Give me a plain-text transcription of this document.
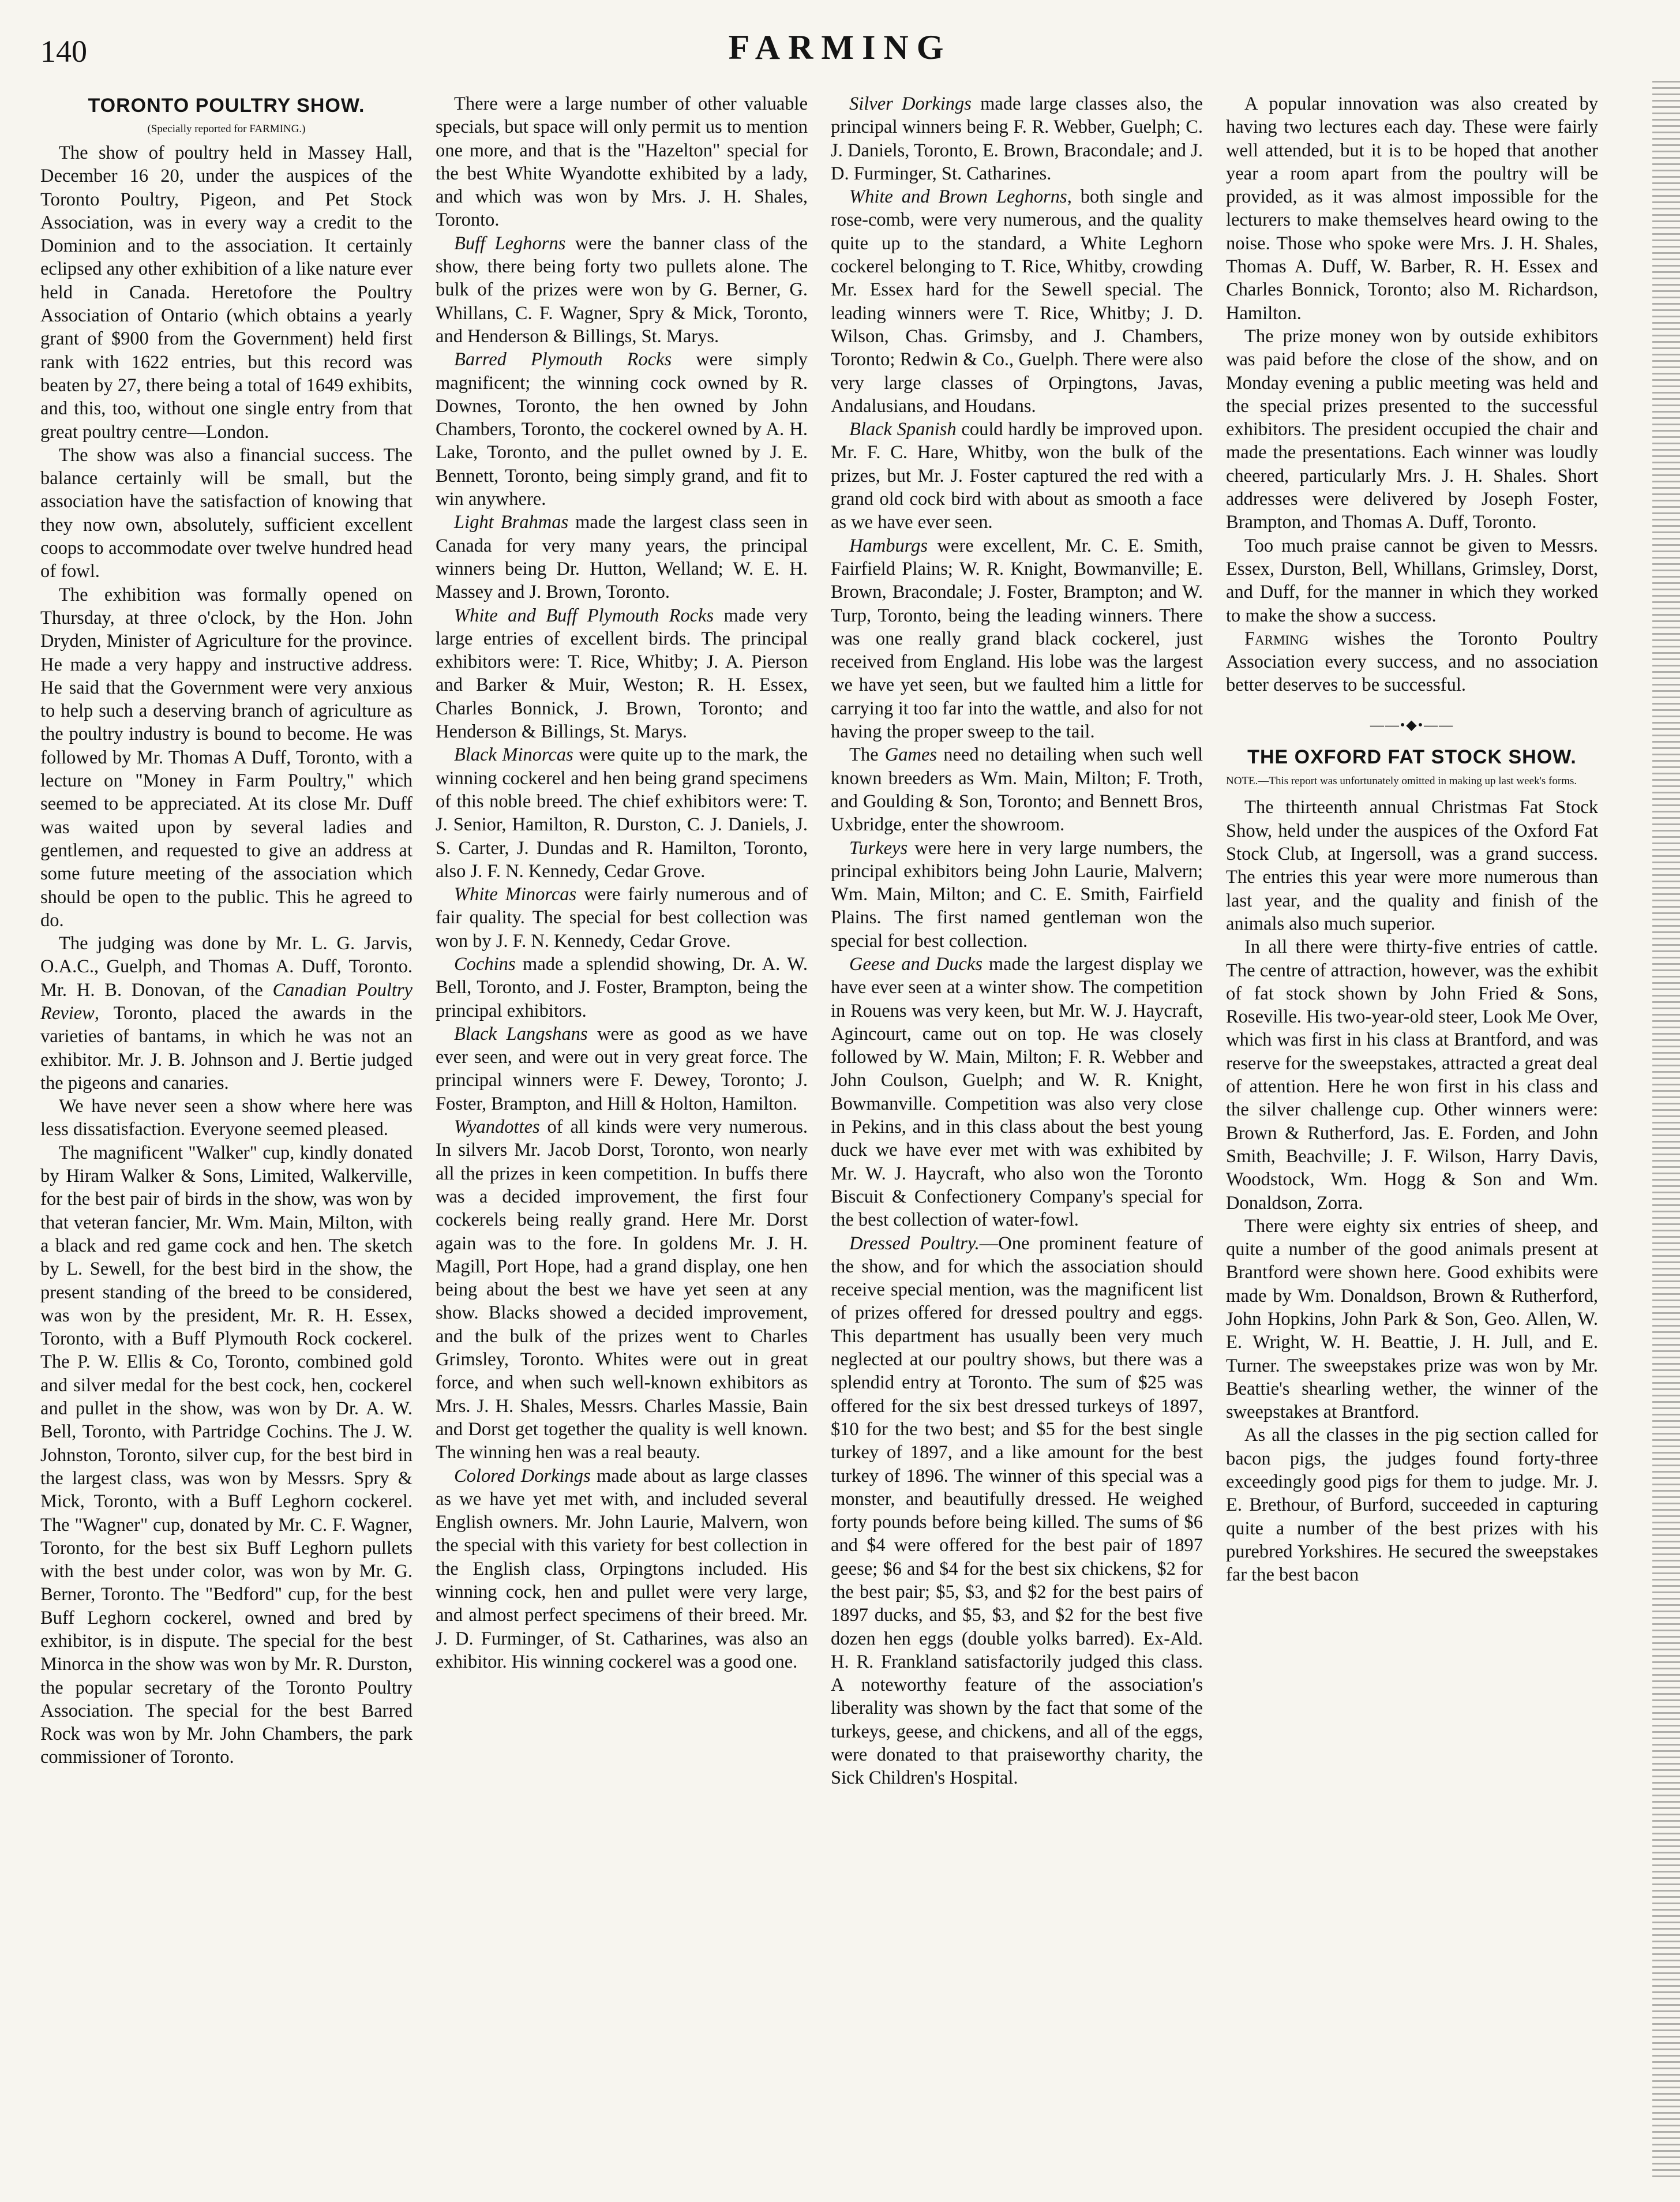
140	FARMING
TORONTO POULTRY SHOW.
(Specially reported for FARMING.)

The show of poultry held in Massey Hall, December 16 20, under the auspices of the Toronto Poultry, Pigeon, and Pet Stock Association, was in every way a credit to the Dominion and to the association. It certainly eclipsed any other exhibition of a like nature ever held in Canada. Heretofore the Poultry Association of Ontario (which obtains a yearly grant of $900 from the Government) held first rank with 1622 entries, but this record was beaten by 27, there being a total of 1649 exhibits, and this, too, without one single entry from that great poultry centre—London.

The show was also a financial success. The balance certainly will be small, but the association have the satisfaction of knowing that they now own, absolutely, sufficient excellent coops to accommodate over twelve hundred head of fowl.

The exhibition was formally opened on Thursday, at three o'clock, by the Hon. John Dryden, Minister of Agriculture for the province. He made a very happy and instructive address. He said that the Government were very anxious to help such a deserving branch of agriculture as the poultry industry is bound to become. He was followed by Mr. Thomas A Duff, Toronto, with a lecture on "Money in Farm Poultry," which seemed to be appreciated. At its close Mr. Duff was waited upon by several ladies and gentlemen, and requested to give an address at some future meeting of the association which should be open to the public. This he agreed to do.

The judging was done by Mr. L. G. Jarvis, O.A.C., Guelph, and Thomas A. Duff, Toronto. Mr. H. B. Donovan, of the Canadian Poultry Review, Toronto, placed the awards in the varieties of bantams, in which he was not an exhibitor. Mr. J. B. Johnson and J. Bertie judged the pigeons and canaries.

We have never seen a show where here was less dissatisfaction. Everyone seemed pleased.

The magnificent "Walker" cup, kindly donated by Hiram Walker & Sons, Limited, Walkerville, for the best pair of birds in the show, was won by that veteran fancier, Mr. Wm. Main, Milton, with a black and red game cock and hen. The sketch by L. Sewell, for the best bird in the show, the present standing of the breed to be considered, was won by the president, Mr. R. H. Essex, Toronto, with a Buff Plymouth Rock cockerel. The P. W. Ellis & Co, Toronto, combined gold and silver medal for the best cock, hen, cockerel and pullet in the show, was won by Dr. A. W. Bell, Toronto, with Partridge Cochins. The J. W. Johnston, Toronto, silver cup, for the best bird in the largest class, was won by Messrs. Spry & Mick, Toronto, with a Buff Leghorn cockerel. The "Wagner" cup, donated by Mr. C. F. Wagner, Toronto, for the best six Buff Leghorn pullets with the best under color, was won by Mr. G. Berner, Toronto. The "Bedford" cup, for the best Buff Leghorn cockerel, owned and bred by exhibitor, is in dispute. The special for the best Minorca in the show was won by Mr. R. Durston, the popular secretary of the Toronto Poultry Association. The special for the best Barred Rock was won by Mr. John Chambers, the park commissioner of Toronto.

There were a large number of other valuable specials, but space will only permit us to mention one more, and that is the "Hazelton" special for the best White Wyandotte exhibited by a lady, and which was won by Mrs. J. H. Shales, Toronto.

Buff Leghorns were the banner class of the show, there being forty two pullets alone. The bulk of the prizes were won by G. Berner, G. Whillans, C. F. Wagner, Spry & Mick, Toronto, and Henderson & Billings, St. Marys.

Barred Plymouth Rocks were simply magnificent; the winning cock owned by R. Downes, Toronto, the hen owned by John Chambers, Toronto, the cockerel owned by A. H. Lake, Toronto, and the pullet owned by J. E. Bennett, Toronto, being simply grand, and fit to win anywhere.

Light Brahmas made the largest class seen in Canada for very many years, the principal winners being Dr. Hutton, Welland; W. E. H. Massey and J. Brown, Toronto.

White and Buff Plymouth Rocks made very large entries of excellent birds. The principal exhibitors were: T. Rice, Whitby; J. A. Pierson and Barker & Muir, Weston; R. H. Essex, Charles Bonnick, J. Brown, Toronto; and Henderson & Billings, St. Marys.

Black Minorcas were quite up to the mark, the winning cockerel and hen being grand specimens of this noble breed. The chief exhibitors were: T. J. Senior, Hamilton, R. Durston, C. J. Daniels, J. S. Carter, J. Dundas and R. Hamilton, Toronto, also J. F. N. Kennedy, Cedar Grove.

White Minorcas were fairly numerous and of fair quality. The special for best collection was won by J. F. N. Kennedy, Cedar Grove.

Cochins made a splendid showing, Dr. A. W. Bell, Toronto, and J. Foster, Brampton, being the principal exhibitors.

Black Langshans were as good as we have ever seen, and were out in very great force. The principal winners were F. Dewey, Toronto; J. Foster, Brampton, and Hill & Holton, Hamilton.

Wyandottes of all kinds were very numerous. In silvers Mr. Jacob Dorst, Toronto, won nearly all the prizes in keen competition. In buffs there was a decided improvement, the first four cockerels being really grand. Here Mr. Dorst again was to the fore. In goldens Mr. J. H. Magill, Port Hope, had a grand display, one hen being about the best we have yet seen at any show. Blacks showed a decided improvement, and the bulk of the prizes went to Charles Grimsley, Toronto. Whites were out in great force, and when such well-known exhibitors as Mrs. J. H. Shales, Messrs. Charles Massie, Bain and Dorst get together the quality is well known. The winning hen was a real beauty.

Colored Dorkings made about as large classes as we have yet met with, and included several English owners. Mr. John Laurie, Malvern, won the special with this variety for best collection in the English class, Orpingtons included. His winning cock, hen and pullet were very large, and almost perfect specimens of their breed. Mr. J. D. Furminger, of St. Catharines, was also an exhibitor. His winning cockerel was a good one.

Silver Dorkings made large classes also, the principal winners being F. R. Webber, Guelph; C. J. Daniels, Toronto, E. Brown, Bracondale; and J. D. Furminger, St. Catharines.

White and Brown Leghorns, both single and rose-comb, were very numerous, and the quality quite up to the standard, a White Leghorn cockerel belonging to T. Rice, Whitby, crowding Mr. Essex hard for the Sewell special. The leading winners were T. Rice, Whitby; J. D. Wilson, Chas. Grimsby, and J. Chambers, Toronto; Redwin & Co., Guelph. There were also very large classes of Orpingtons, Javas, Andalusians, and Houdans.

Black Spanish could hardly be improved upon. Mr. F. C. Hare, Whitby, won the bulk of the prizes, but Mr. J. Foster captured the red with a grand old cock bird with about as smooth a face as we have ever seen.

Hamburgs were excellent, Mr. C. E. Smith, Fairfield Plains; W. R. Knight, Bowmanville; E. Brown, Bracondale; J. Foster, Brampton; and W. Turp, Toronto, being the leading winners. There was one really grand black cockerel, just received from England. His lobe was the largest we have yet seen, but we faulted him a little for carrying it too far into the wattle, and also for not having the proper sweep to the tail.

The Games need no detailing when such well known breeders as Wm. Main, Milton; F. Troth, and Goulding & Son, Toronto; and Bennett Bros, Uxbridge, enter the showroom.

Turkeys were here in very large numbers, the principal exhibitors being John Laurie, Malvern; Wm. Main, Milton; and C. E. Smith, Fairfield Plains. The first named gentleman won the special for best collection.

Geese and Ducks made the largest display we have ever seen at a winter show. The competition in Rouens was very keen, but Mr. W. J. Haycraft, Agincourt, came out on top. He was closely followed by W. Main, Milton; F. R. Webber and John Coulson, Guelph; and W. R. Knight, Bowmanville. Competition was also very close in Pekins, and in this class about the best young duck we have ever met with was exhibited by Mr. W. J. Haycraft, who also won the Toronto Biscuit & Confectionery Company's special for the best collection of water-fowl.

Dressed Poultry.—One prominent feature of the show, and for which the association should receive special mention, was the magnificent list of prizes offered for dressed poultry and eggs. This department has usually been very much neglected at our poultry shows, but there was a splendid entry at Toronto. The sum of $25 was offered for the six best dressed turkeys of 1897, $10 for the two best; and $5 for the best single turkey of 1897, and a like amount for the best turkey of 1896. The winner of this special was a monster, and beautifully dressed. He weighed forty pounds before being killed. The sums of $6 and $4 were offered for the best pair of 1897 geese; $6 and $4 for the best six chickens, $2 for the best pair; $5, $3, and $2 for the best pairs of 1897 ducks, and $5, $3, and $2 for the best five dozen hen eggs (double yolks barred). Ex-Ald. H. R. Frankland satisfactorily judged this class. A noteworthy feature of the association's liberality was shown by the fact that some of the turkeys, geese, and chickens, and all of the eggs, were donated to that praiseworthy charity, the Sick Children's Hospital.

A popular innovation was also created by having two lectures each day. These were fairly well attended, but it is to be hoped that another year a room apart from the poultry will be provided, as it was almost impossible for the lecturers to make themselves heard owing to the noise. Those who spoke were Mrs. J. H. Shales, Thomas A. Duff, W. Barber, R. H. Essex and Charles Bonnick, Toronto; also M. Richardson, Hamilton.

The prize money won by outside exhibitors was paid before the close of the show, and on Monday evening a public meeting was held and the special prizes presented to the successful exhibitors. The president occupied the chair and made the presentations. Each winner was loudly cheered, particularly Mrs. J. H. Shales. Short addresses were delivered by Joseph Foster, Brampton, and Thomas A. Duff, Toronto.

Too much praise cannot be given to Messrs. Essex, Durston, Bell, Whillans, Grimsley, Dorst, and Duff, for the manner in which they worked to make the show a success.

Farming wishes the Toronto Poultry Association every success, and no association better deserves to be successful.

——•◆•——
THE OXFORD FAT STOCK SHOW.
NOTE.—This report was unfortunately omitted in making up last week's forms.

The thirteenth annual Christmas Fat Stock Show, held under the auspices of the Oxford Fat Stock Club, at Ingersoll, was a grand success. The entries this year were more numerous than last year, and the quality and finish of the animals also much superior.

In all there were thirty-five entries of cattle. The centre of attraction, however, was the exhibit of fat stock shown by John Fried & Sons, Roseville. His two-year-old steer, Look Me Over, which was first in his class at Brantford, and was reserve for the sweepstakes, attracted a great deal of attention. Here he won first in his class and the silver challenge cup. Other winners were: Brown & Rutherford, Jas. E. Forden, and John Smith, Beachville; J. F. Wilson, Harry Davis, Woodstock, Wm. Hogg & Son and Wm. Donaldson, Zorra.

There were eighty six entries of sheep, and quite a number of the good animals present at Brantford were shown here. Good exhibits were made by Wm. Donaldson, Brown & Rutherford, John Hopkins, John Park & Son, Geo. Allen, W. E. Wright, W. H. Beattie, J. H. Jull, and E. Turner. The sweepstakes prize was won by Mr. Beattie's shearling wether, the winner of the sweepstakes at Brantford.

As all the classes in the pig section called for bacon pigs, the judges found forty-three exceedingly good pigs for them to judge. Mr. J. E. Brethour, of Burford, succeeded in capturing quite a number of the best prizes with his purebred Yorkshires. He secured the sweepstakes far the best bacon
